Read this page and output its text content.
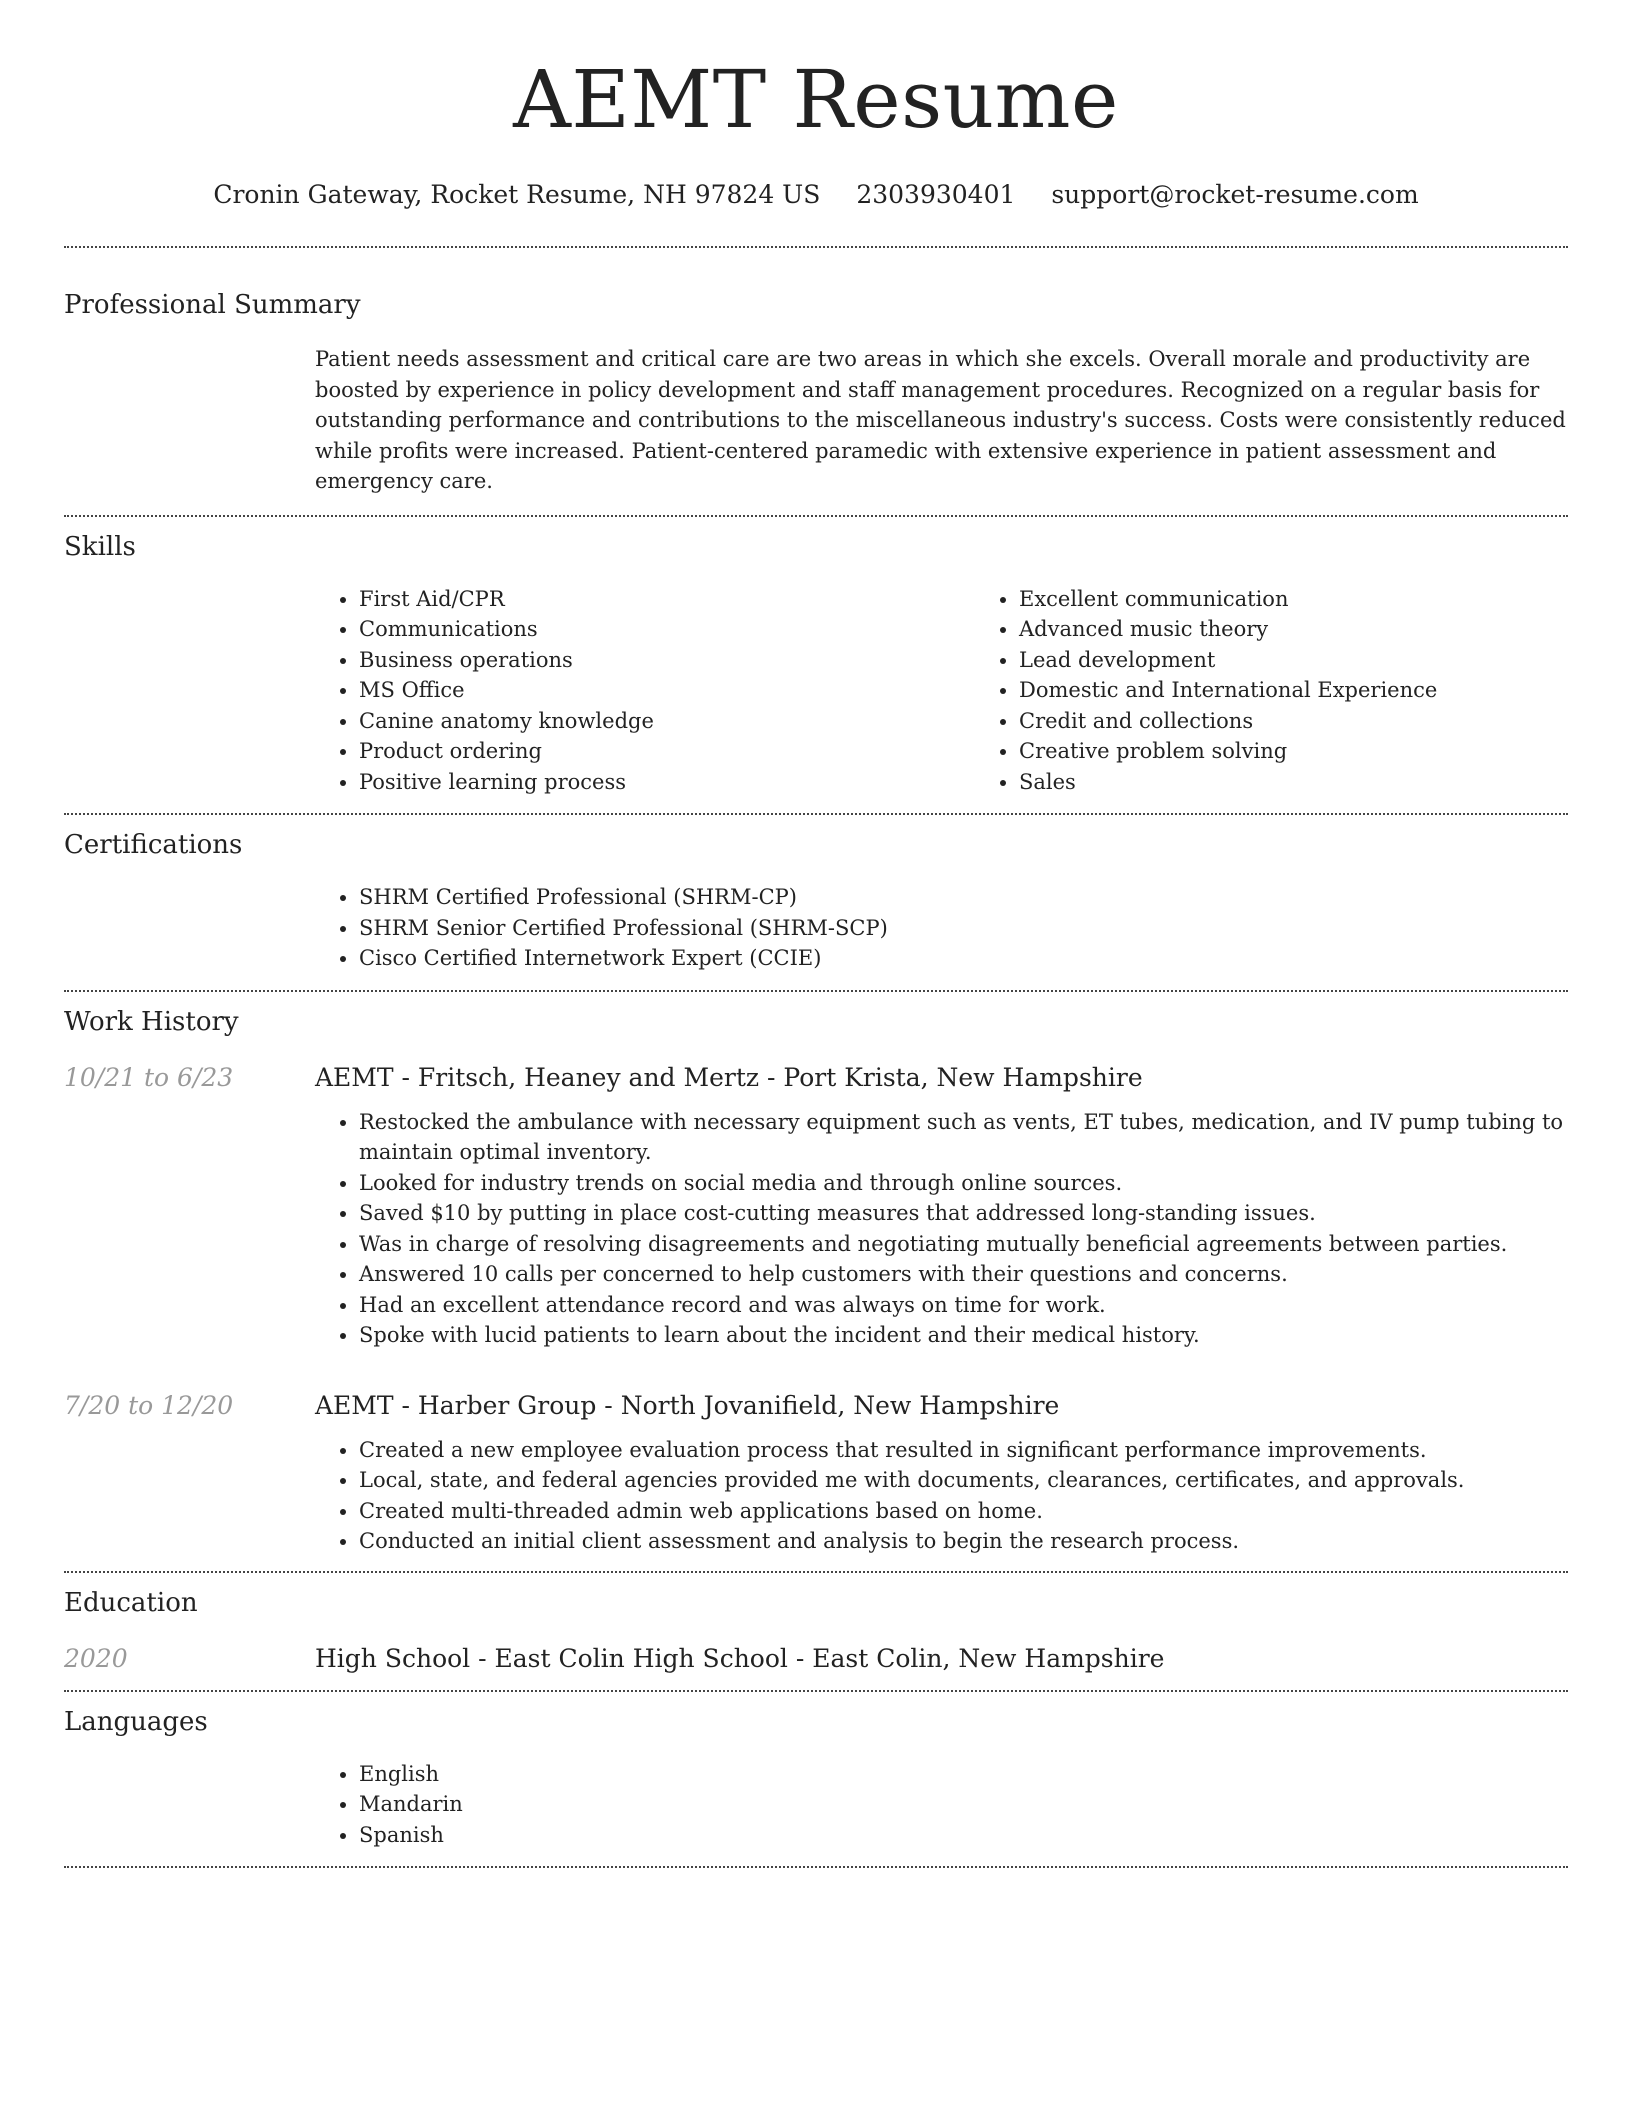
AEMT Resume
Cronin Gateway, Rocket Resume, NH 97824 US 2303930401 support@rocket-resume.com
Professional Summary

Patient needs assessment and critical care are two areas in which she excels. Overall morale and productivity are boosted by experience in policy development and staff management procedures. Recognized on a regular basis for outstanding performance and contributions to the miscellaneous industry's success. Costs were consistently reduced while profits were increased. Patient-centered paramedic with extensive experience in patient assessment and emergency care.

Skills
• First Aid/CPR
• Communications
• Business operations
• MS Office
• Canine anatomy knowledge
• Product ordering
• Positive learning process
• Excellent communication
• Advanced music theory
• Lead development
• Domestic and International Experience
• Credit and collections
• Creative problem solving
• Sales
Certifications
• SHRM Certified Professional (SHRM-CP)
• SHRM Senior Certified Professional (SHRM-SCP)
• Cisco Certified Internetwork Expert (CCIE)
Work History
10/21 to 6/23	AEMT - Fritsch, Heaney and Mertz - Port Krista, New Hampshire
• Restocked the ambulance with necessary equipment such as vents, ET tubes, medication, and IV pump tubing to maintain optimal inventory.
• Looked for industry trends on social media and through online sources.
• Saved $10 by putting in place cost-cutting measures that addressed long-standing issues.
• Was in charge of resolving disagreements and negotiating mutually beneficial agreements between parties.
• Answered 10 calls per concerned to help customers with their questions and concerns.
• Had an excellent attendance record and was always on time for work.
• Spoke with lucid patients to learn about the incident and their medical history.
7/20 to 12/20	AEMT - Harber Group - North Jovanifield, New Hampshire
• Created a new employee evaluation process that resulted in significant performance improvements.
• Local, state, and federal agencies provided me with documents, clearances, certificates, and approvals.
• Created multi-threaded admin web applications based on home.
• Conducted an initial client assessment and analysis to begin the research process.
Education
2020	High School - East Colin High School - East Colin, New Hampshire
Languages
• English
• Mandarin
• Spanish
